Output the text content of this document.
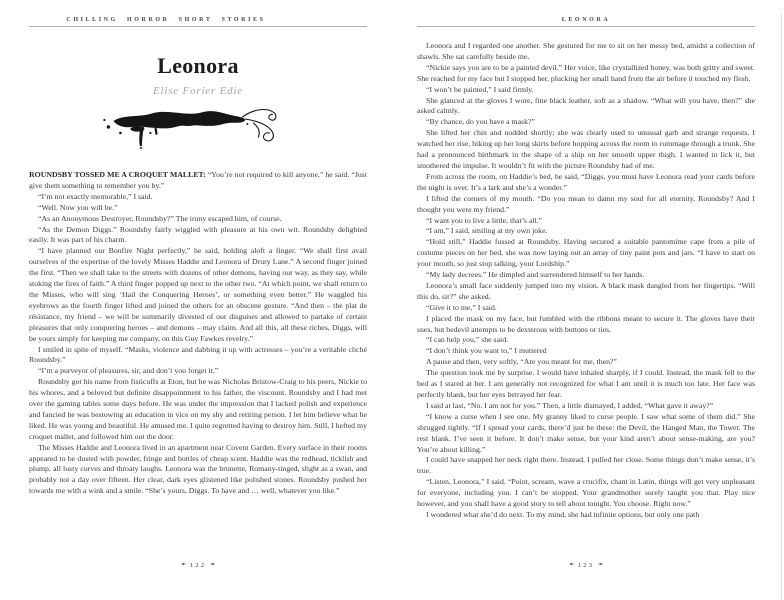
CHILLING HORROR SHORT STORIES
Leonora
Elise Forier Edie

ROUNDSBY TOSSED ME A CROQUET MALLET: “You’re not required to kill anyone,” he said. “Just give them something to remember you by.”

“I’m not exactly memorable,” I said.

“Well. Now you will be.”

“As an Anonymous Destroyer, Roundsby?” The irony escaped him, of course.

“As the Demon Diggs.” Roundsby fairly wiggled with pleasure at his own wit. Roundsby delighted easily. It was part of his charm.

“I have planned our Bonfire Night perfectly,” he said, holding aloft a finger. “We shall first avail ourselves of the expertise of the lovely Misses Haddie and Leonora of Drury Lane.” A second finger joined the first. “Then we shall take to the streets with dozens of other demons, having our way, as they say, while stoking the fires of faith.” A third finger popped up next to the other two. “At which point, we shall return to the Misses, who will sing ‘Hail the Conquering Heroes’, or something even better.” He waggled his eyebrows as the fourth finger lifted and joined the others for an obscene gesture. “And then – the plat de résistance, my friend – we will be summarily divested of our disguises and allowed to partake of certain pleasures that only conquering heroes – and demons – may claim. And all this, all these riches, Diggs, will be yours simply for keeping me company, on this Guy Fawkes revelry.”

I smiled in spite of myself. “Masks, violence and dabbing it up with actresses – you’re a veritable cliché Roundsby.”

“I’m a purveyor of pleasures, sir, and don’t you forget it.”

Roundsby got his name from fisticuffs at Eton, but he was Nicholas Bristow-Craig to his peers, Nickie to his whores, and a beloved but definite disappointment to his father, the viscount. Roundsby and I had met over the gaming tables some days before. He was under the impression that I lacked polish and experience and fancied he was bestowing an education in vice on my shy and retiring person. I let him believe what he liked. He was young and beautiful. He amused me. I quite regretted having to destroy him. Still, I hefted my croquet mallet, and followed him out the door.

The Misses Haddie and Leonora lived in an apartment near Covent Garden. Every surface in their rooms appeared to be dusted with powder, fringe and bottles of cheap scent. Haddie was the redhead, ticklish and plump, all lusty curves and throaty laughs. Leonora was the brunette, Romany-tinged, slight as a swan, and probably not a day over fifteen. Her clear, dark eyes glistened like polished stones. Roundsby pushed her towards me with a wink and a smile. “She’s yours, Diggs. To have and … well, whatever you like.”

❧ 122 ❧
LEONORA

Leonora and I regarded one another. She gestured for me to sit on her messy bed, amidst a collection of shawls. She sat carefully beside me.

“Nickie says you are to be a painted devil.” Her voice, like crystallized honey, was both gritty and sweet. She reached for my face but I stopped her, plucking her small hand from the air before it touched my flesh.

“I won’t be painted,” I said firmly.

She glanced at the gloves I wore, fine black leather, soft as a shadow. “What will you have, then?” she asked calmly.

“By chance, do you have a mask?”

She lifted her chin and nodded shortly; she was clearly used to unusual garb and strange requests. I watched her rise, hiking up her long skirts before hopping across the room to rummage through a trunk. She had a pronounced birthmark in the shape of a ship on her smooth upper thigh. I wanted to lick it, but smothered the impulse. It wouldn’t fit with the picture Roundsby had of me.

From across the room, on Haddie’s bed, he said, “Diggs, you must have Leonora read your cards before the night is over. It’s a lark and she’s a wonder.”

I lifted the corners of my mouth. “Do you mean to damn my soul for all eternity, Roundsby? And I thought you were my friend.”

“I want you to live a little, that’s all.”

“I am,” I said, smiling at my own joke.

“Hold still,” Haddie fussed at Roundsby. Having secured a suitable pantomime cape from a pile of costume pieces on her bed, she was now laying out an array of tiny paint pots and jars. “I have to start on your mouth, so just stop talking, your Lordship.”

“My lady decrees.” He dimpled and surrendered himself to her hands.

Leonora’s small face suddenly jumped into my vision. A black mask dangled from her fingertips. “Will this do, sir?” she asked.

“Give it to me,” I said.

I placed the mask on my face, but fumbled with the ribbons meant to secure it. The gloves have their uses, but bedevil attempts to be dexterous with buttons or ties.

“I can help you,” she said.

“I don’t think you want to,” I muttered

A pause and then, very softly, “Are you meant for me, then?”

The question took me by surprise. I would have inhaled sharply, if I could. Instead, the mask fell to the bed as I stared at her. I am generally not recognized for what I am until it is much too late. Her face was perfectly blank, but her eyes betrayed her fear.

I said at last, “No. I am not for you.” Then, a little dismayed, I added, “What gave it away?”

“I know a curse when I see one. My granny liked to curse people. I saw what some of them did.” She shrugged tightly. “If I spread your cards, there’d just be these: the Devil, the Hanged Man, the Tower. The rest blank. I’ve seen it before. It don’t make sense, but your kind aren’t about sense-making, are you? You’re about killing.”

I could have snapped her neck right there. Instead, I pulled her close. Some things don’t make sense, it’s true.

“Listen, Leonora,” I said. “Point, scream, wave a crucifix, chant in Latin, things will get very unpleasant for everyone, including you. I can’t be stopped. Your grandmother surely taught you that. Play nice however, and you shall have a good story to tell about tonight. You choose. Right now.”

I wondered what she’d do next. To my mind, she had infinite options, but only one path

❧ 123 ❧
